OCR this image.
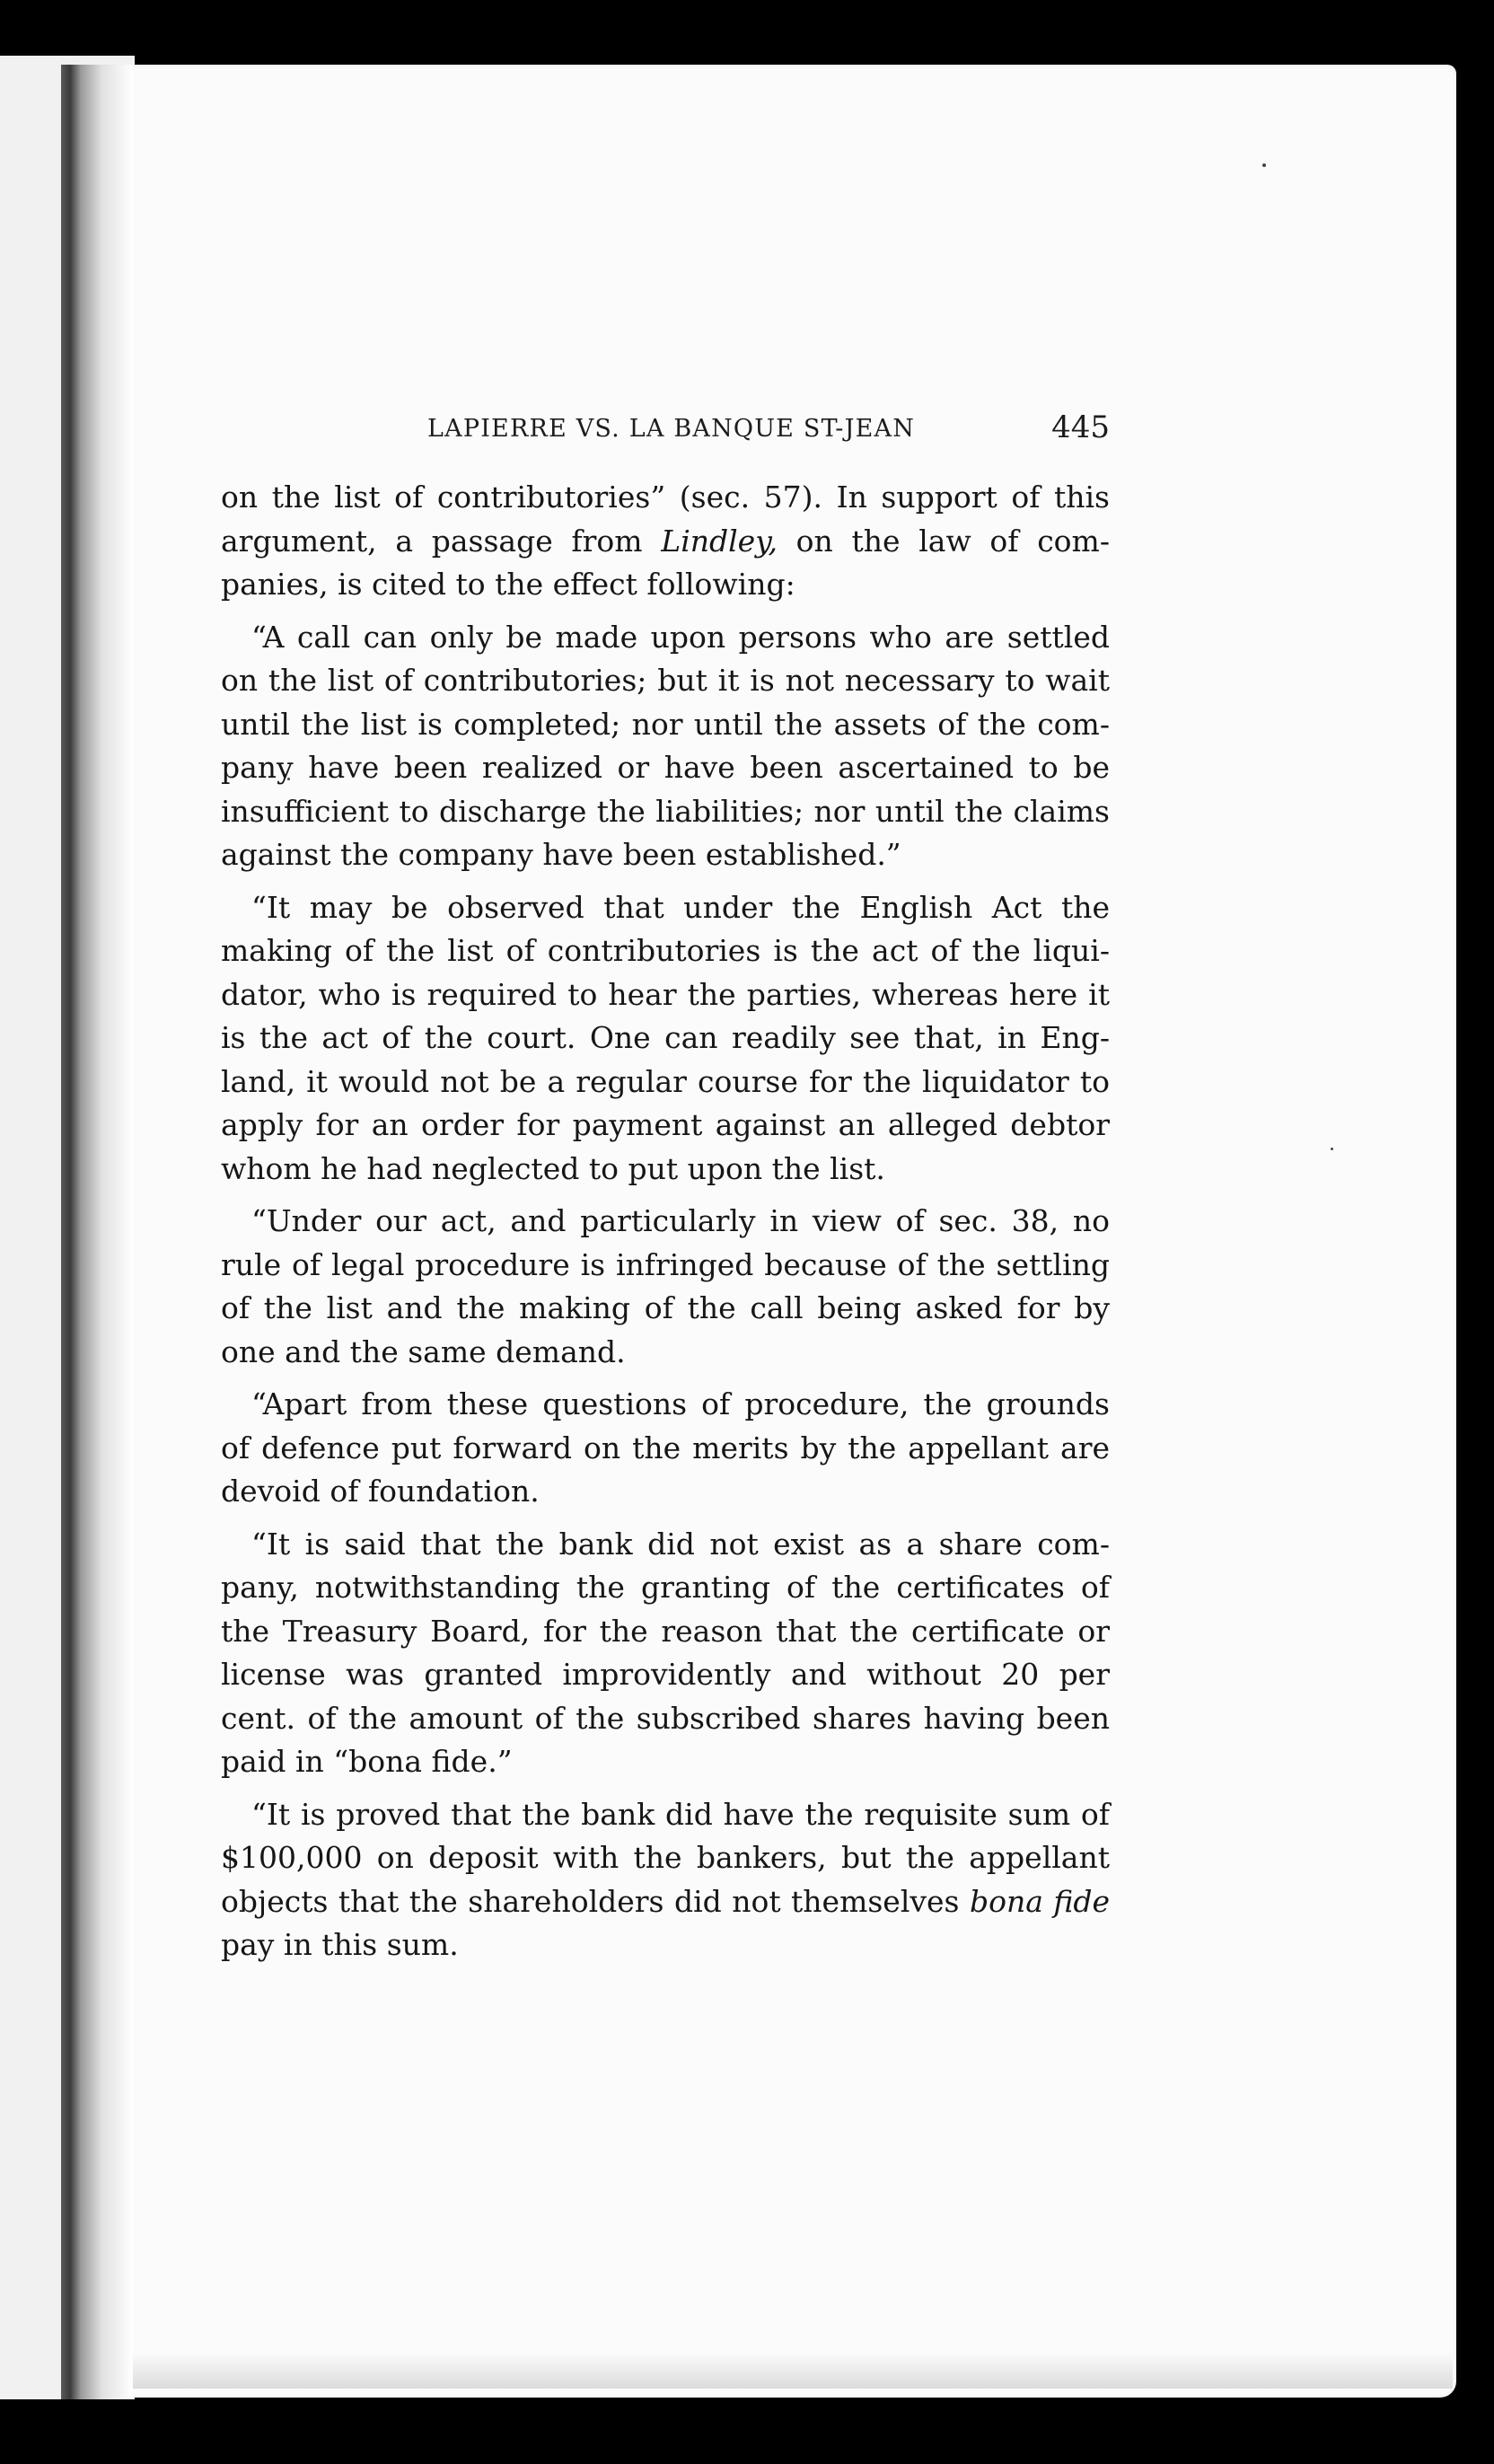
LAPIERRE VS. LA BANQUE ST-JEAN	445

on the list of contributories” (sec. 57). In support of this argument, a passage from Lindley, on the law of com-panies, is cited to the effect following:

“A call can only be made upon persons who are settled on the list of contributories; but it is not necessary to wait until the list is completed; nor until the assets of the com-pany have been realized or have been ascertained to be insufficient to discharge the liabilities; nor until the claims against the company have been established.”

“It may be observed that under the English Act the making of the list of contributories is the act of the liqui-dator, who is required to hear the parties, whereas here it is the act of the court. One can readily see that, in Eng-land, it would not be a regular course for the liquidator to apply for an order for payment against an alleged debtor whom he had neglected to put upon the list.

“Under our act, and particularly in view of sec. 38, no rule of legal procedure is infringed because of the settling of the list and the making of the call being asked for by one and the same demand.

“Apart from these questions of procedure, the grounds of defence put forward on the merits by the appellant are devoid of foundation.

“It is said that the bank did not exist as a share com-pany, notwithstanding the granting of the certificates of the Treasury Board, for the reason that the certificate or license was granted improvidently and without 20 per cent. of the amount of the subscribed shares having been paid in “bona fide.”

“It is proved that the bank did have the requisite sum of $100,000 on deposit with the bankers, but the appellant objects that the shareholders did not themselves bona fide pay in this sum.
